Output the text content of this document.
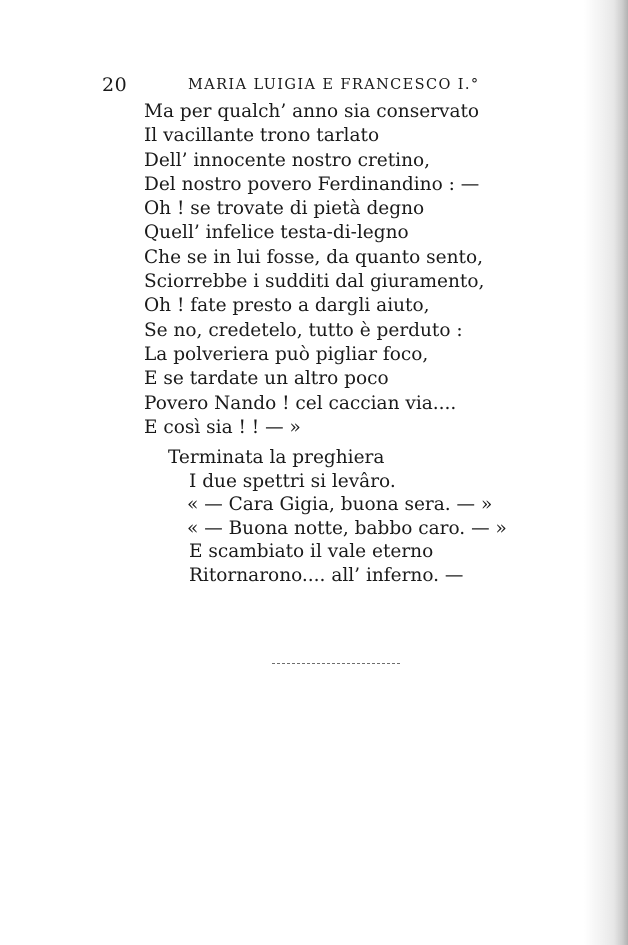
20	MARIA LUIGIA E FRANCESCO I.°
Ma per qualch’ anno sia conservato
Il vacillante trono tarlato
Dell’ innocente nostro cretino,
Del nostro povero Ferdinandino : —
Oh ! se trovate di pietà degno
Quell’ infelice testa-di-legno
Che se in lui fosse, da quanto sento,
Sciorrebbe i sudditi dal giuramento,
Oh ! fate presto a dargli aiuto,
Se no, credetelo, tutto è perduto :
La polveriera può pigliar foco,
E se tardate un altro poco
Povero Nando ! cel caccian via....
E così sia ! ! — »
Terminata la preghiera
I due spettri si levâro.
« — Cara Gigia, buona sera. — »
« — Buona notte, babbo caro. — »
E scambiato il vale eterno
Ritornarono.... all’ inferno. —
